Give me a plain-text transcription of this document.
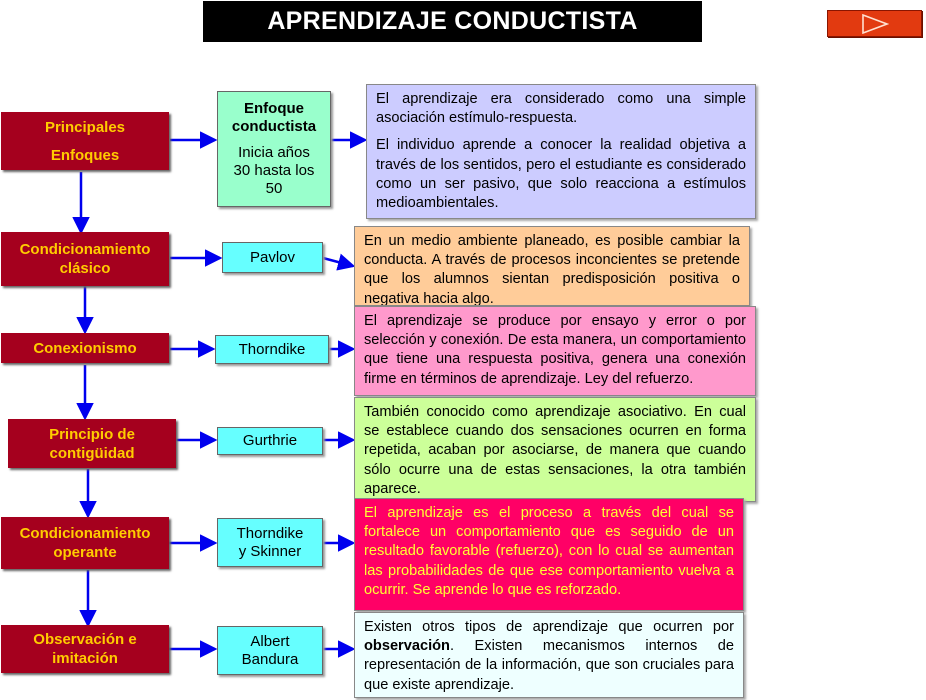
APRENDIZAJE CONDUCTISTA
Principales
Enfoques
Enfoque
conductista
Inicia años
30 hasta los
50

El aprendizaje era considerado como una simple asociación estímulo-respuesta.

El individuo aprende a conocer la realidad objetiva a través de los sentidos, pero el estudiante es considerado como un ser pasivo, que solo reacciona a estímulos medioambientales.

Condicionamiento
clásico
Pavlov

En un medio ambiente planeado, es posible cambiar la conducta. A través de procesos inconcientes se pretende que los alumnos sientan predisposición positiva o negativa hacia algo.

Conexionismo	Thorndike

El aprendizaje se produce por ensayo y error o por selección y conexión. De esta manera, un comportamiento que tiene una respuesta positiva, genera una conexión firme en términos de aprendizaje. Ley del refuerzo.

Principio de
contigüidad
Gurthrie

También conocido como aprendizaje asociativo. En cual se establece cuando dos sensaciones ocurren en forma repetida, acaban por asociarse, de manera que cuando sólo ocurre una de estas sensaciones, la otra también aparece.

Condicionamiento
operante
Thorndike
y Skinner

El aprendizaje es el proceso a través del cual se fortalece un comportamiento que es seguido de un resultado favorable (refuerzo), con lo cual se aumentan las probabilidades de que ese comportamiento vuelva a ocurrir. Se aprende lo que es reforzado.

Observación e
imitación
Albert
Bandura

Existen otros tipos de aprendizaje que ocurren por observación. Existen mecanismos internos de representación de la información, que son cruciales para que existe aprendizaje.
